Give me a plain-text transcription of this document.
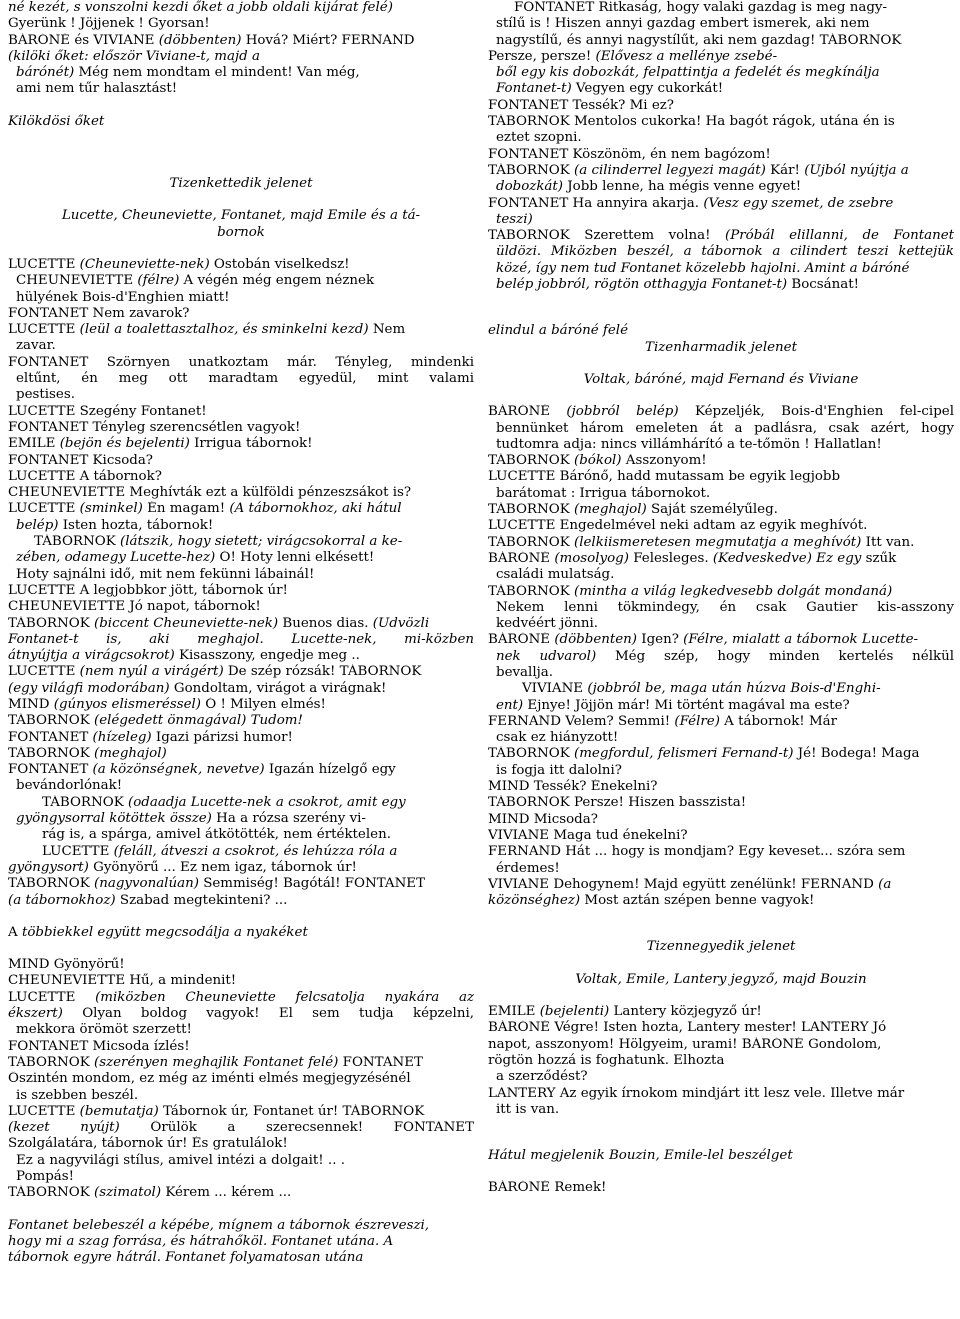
né kezét, s vonszolni kezdi őket a jobb oldali kijárat felé)
Gyerünk ! Jöjjenek ! Gyorsan!
BÁRÓNÉ és VIVIANE (döbbenten) Hová? Miért? FERNAND
(kilöki őket: először Viviane-t, majd a
bárónét) Még nem mondtam el mindent! Van még,
ami nem tűr halasztást!
Kilökdösi őket
Tizenkettedik jelenet
Lucette, Cheuneviette, Fontanet, majd Emile és a tá-
bornok
LUCETTE (Cheuneviette-nek) Ostobán viselkedsz!
CHEUNEVIETTE (félre) A végén még engem néznek
hülyének Bois-d'Enghien miatt!
FONTANET Nem zavarok?
LUCETTE (leül a toalettasztalhoz, és sminkelni kezd) Nem
zavar.
FONTANET Szörnyen unatkoztam már. Tényleg, mindenki
eltűnt, én meg ott maradtam egyedül, mint valami
pestises.
LUCETTE Szegény Fontanet!
FONTANET Tényleg szerencsétlen vagyok!
EMILE (bejön és bejelenti) Irrigua tábornok!
FONTANET Kicsoda?
LUCETTE A tábornok?
CHEUNEVIETTE Meghívták ezt a külföldi pénzeszsákot is?
LUCETTE (sminkel) Én magam! (A tábornokhoz, aki hátul
belép) Isten hozta, tábornok!
TÁBORNOK (látszik, hogy sietett; virágcsokorral a ke-
zében, odamegy Lucette-hez) Ó! Hoty lenni elkésett!
Hoty sajnálni idő, mit nem fekünni lábainál!
LUCETTE A legjobbkor jött, tábornok úr!
CHEUNEVIETTE Jó napot, tábornok!
TÁBORNOK (biccent Cheuneviette-nek) Buenos dias. (Üdvözli
Fontanet-t is, aki meghajol. Lucette-nek, mi-közben
átnyújtja a virágcsokrot) Kisasszony, engedje meg ..
LUCETTE (nem nyúl a virágért) De szép rózsák! TÁBORNOK
(egy világfi modorában) Gondoltam, virágot a virágnak!
MIND (gúnyos elismeréssel) Ó ! Milyen elmés!
TÁBORNOK (elégedett önmagával) Tudom!
FONTANET (hízeleg) Igazi párizsi humor!
TÁBORNOK (meghajol)
FONTANET (a közönségnek, nevetve) Igazán hízelgő egy
bevándorlónak!
TÁBORNOK (odaadja Lucette-nek a csokrot, amit egy
gyöngysorral kötöttek össze) Ha a rózsa szerény vi-
rág is, a spárga, amivel átkötötték, nem értéktelen.
LUCETTE (feláll, átveszi a csokrot, és lehúzza róla a
gyöngysort) Gyönyörű ... Ez nem igaz, tábornok úr!
TÁBORNOK (nagyvonalúan) Semmiség! Bagótál! FONTANET
(a tábornokhoz) Szabad megtekinteni? ...
A többiekkel együtt megcsodálja a nyakéket
MIND Gyönyörű!
CHEUNEVIETTE Hű, a mindenit!
LUCETTE (miközben Cheuneviette felcsatolja nyakára az
ékszert) Olyan boldog vagyok! El sem tudja képzelni,
mekkora örömöt szerzett!
FONTANET Micsoda ízlés!
TÁBORNOK (szerényen meghajlik Fontanet felé) FONTANET
Őszintén mondom, ez még az iménti elmés megjegyzésénél
is szebben beszél.
LUCETTE (bemutatja) Tábornok úr, Fontanet úr! TÁBORNOK
(kezet nyújt) Őrülök a szerecsennek! FONTANET
Szolgálatára, tábornok úr! És gratulálok!
Ez a nagyvilági stílus, amivel intézi a dolgait! .. .
Pompás!
TÁBORNOK (szimatol) Kérem ... kérem ...
Fontanet belebeszél a képébe, mígnem a tábornok észreveszi,
hogy mi a szag forrása, és hátrahőköl. Fontanet utána. A
tábornok egyre hátrál. Fontanet folyamatosan utána
FONTANET Ritkaság, hogy valaki gazdag is meg nagy-
stílű is ! Hiszen annyi gazdag embert ismerek, aki nem
nagystílű, és annyi nagystílűt, aki nem gazdag! TÁBORNOK
Persze, persze! (Elővesz a mellénye zsebé-
ből egy kis dobozkát, felpattintja a fedelét és megkínálja
Fontanet-t) Vegyen egy cukorkát!
FONTANET Tessék? Mi ez?
TÁBORNOK Mentolos cukorka! Ha bagót rágok, utána én is
eztet szopni.
FONTANET Köszönöm, én nem bagózom!
TÁBORNOK (a cilinderrel legyezi magát) Kár! (Újból nyújtja a
dobozkát) Jobb lenne, ha mégis venne egyet!
FONTANET Ha annyira akarja. (Vesz egy szemet, de zsebre
teszi)
TÁBORNOK Szerettem volna! (Próbál elillanni, de Fontanet
üldözi. Miközben beszél, a tábornok a cilindert teszi kettejük
közé, így nem tud Fontanet közelebb hajolni. Amint a báróné
belép jobbról, rögtön otthagyja Fontanet-t) Bocsánat!
elindul a báróné felé
Tizenharmadik jelenet
Voltak, báróné, majd Fernand és Viviane
BÁRÓNÉ (jobbról belép) Képzeljék, Bois-d'Enghien fel-cipel
bennünket három emeleten át a padlásra, csak azért, hogy
tudtomra adja: nincs villámhárító a te-tőmön ! Hallatlan!
TÁBORNOK (bókol) Asszonyom!
LUCETTE Bárónő, hadd mutassam be egyik legjobb
barátomat : Irrigua tábornokot.
TÁBORNOK (meghajol) Saját személyűleg.
LUCETTE Engedelmével neki adtam az egyik meghívót.
TÁBORNOK (lelkiismeretesen megmutatja a meghívót) Itt van.
BÁRÓNÉ (mosolyog) Felesleges. (Kedveskedve) Ez egy szűk
családi mulatság.
TÁBORNOK (mintha a világ legkedvesebb dolgát mondaná)
Nekem lenni tökmindegy, én csak Gautier kis-asszony
kedvéért jönni.
BÁRÓNÉ (döbbenten) Igen? (Félre, mialatt a tábornok Lucette-
nek udvarol) Még szép, hogy minden kertelés nélkül
bevallja.
VIVIANE (jobbról be, maga után húzva Bois-d'Enghi-
ent) Ejnye! Jöjjön már! Mi történt magával ma este?
FERNAND Velem? Semmi! (Félre) A tábornok! Már
csak ez hiányzott!
TÁBORNOK (megfordul, felismeri Fernand-t) Jé! Bodega! Maga
is fogja itt dalolni?
MIND Tessék? Énekelni?
TÁBORNOK Persze! Hiszen basszista!
MIND Micsoda?
VIVIANE Maga tud énekelni?
FERNAND Hát ... hogy is mondjam? Egy keveset... szóra sem
érdemes!
VIVIANE Dehogynem! Majd együtt zenélünk! FERNAND (a
közönséghez) Most aztán szépen benne vagyok!
Tizennegyedik jelenet
Voltak, Emile, Lantery jegyző, majd Bouzin
EMILE (bejelenti) Lantery közjegyző úr!
BÁRÓNÉ Végre! Isten hozta, Lantery mester! LANTERY Jó
napot, asszonyom! Hölgyeim, urami! BÁRÓNÉ Gondolom,
rögtön hozzá is foghatunk. Elhozta
a szerződést?
LANTERY Az egyik írnokom mindjárt itt lesz vele. Illetve már
itt is van.
Hátul megjelenik Bouzin, Emile-lel beszélget
BÁRÓNÉ Remek!
